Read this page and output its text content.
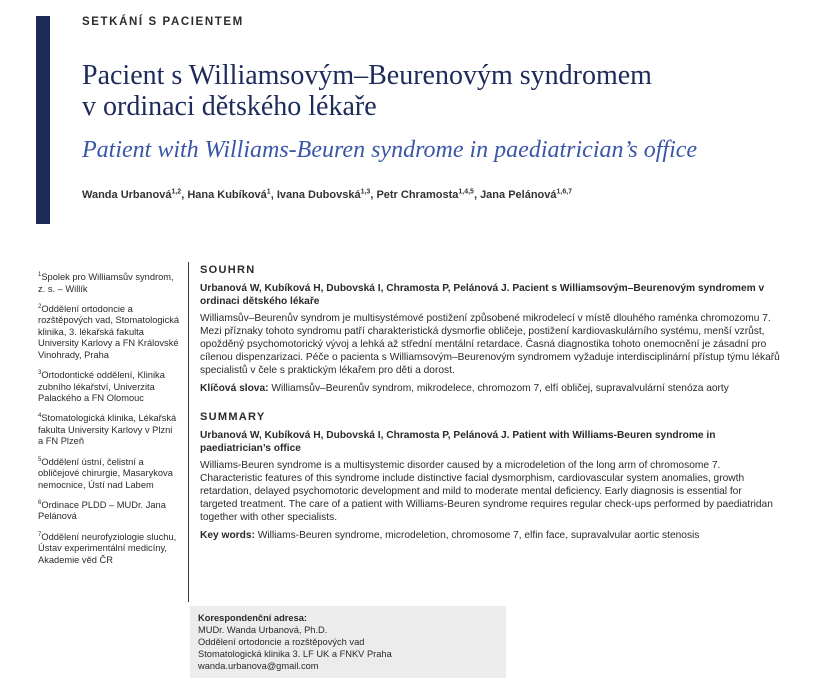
SETKÁNÍ S PACIENTEM
Pacient s Williamsovým–Beurenovým syndromem
v ordinaci dětského lékaře
Patient with Williams-Beuren syndrome in paediatrician’s office
Wanda Urbanová$^{1,2}$, Hana Kubíková$^1$, Ivana Dubovská$^{1,3}$, Petr Chramosta$^{1,4,5}$, Jana Pelánová$^{1,6,7}$
$^1$Spolek pro Williamsův syndrom, z. s. – Willík
$^2$Oddělení ortodoncie a rozštěpových vad, Stomatologická klinika, 3. lékařská fakulta University Karlovy a FN Královské Vinohrady, Praha
$^3$Ortodontické oddělení, Klinika zubního lékařství, Univerzita Palackého a FN Olomouc
$^4$Stomatologická klinika, Lékařská fakulta University Karlovy v Plzni a FN Plzeň
$^5$Oddělení ústní, čelistní a obličejové chirurgie, Masarykova nemocnice, Ústí nad Labem
$^6$Ordinace PLDD – MUDr. Jana Pelánová
$^7$Oddělení neurofyziologie sluchu, Ústav experimentální medicíny, Akademie věd ČR
SOUHRN
Urbanová W, Kubíková H, Dubovská I, Chramosta P, Pelánová J. Pacient s Williamsovým–Beurenovým syndromem v ordinaci dětského lékaře
Williamsův–Beurenův syndrom je multisystémové postižení způsobené mikrodelecí v místě dlouhého raménka chromozomu 7. Mezi příznaky tohoto syndromu patří charakteristická dysmorfie obličeje, postižení kardiovaskulárního systému, menší vzrůst, opožděný psychomotorický vývoj a lehká až střední mentální retardace. Časná diagnostika tohoto onemocnění je zásadní pro cílenou dispenzarizaci. Péče o pacienta s Williamsovým–Beurenovým syndromem vyžaduje interdisciplinární přístup týmu lékařů specialistů v čele s praktickým lékařem pro děti a dorost.
Klíčová slova: Williamsův–Beurenův syndrom, mikrodelece, chromozom 7, elfí obličej, supravalvulární stenóza aorty
SUMMARY
Urbanová W, Kubíková H, Dubovská I, Chramosta P, Pelánová J. Patient with Williams-Beuren syndrome in paediatrician’s office
Williams-Beuren syndrome is a multisystemic disorder caused by a microdeletion of the long arm of chromosome 7. Characteristic features of this syndrome include distinctive facial dysmorphism, cardiovascular system anomalies, growth retardation, delayed psychomotoric development and mild to moderate mental deficiency. Early diagnosis is essential for targeted treatment. The care of a patient with Williams-Beuren syndrome requires regular check-ups performed by paediatridan together with other specialists.
Key words: Williams-Beuren syndrome, microdeletion, chromosome 7, elfin face, supravalvular aortic stenosis
Korespondenční adresa:
MUDr. Wanda Urbanová, Ph.D.
Oddělení ortodoncie a rozštěpových vad
Stomatologická klinika 3. LF UK a FNKV Praha
wanda.urbanova@gmail.com
